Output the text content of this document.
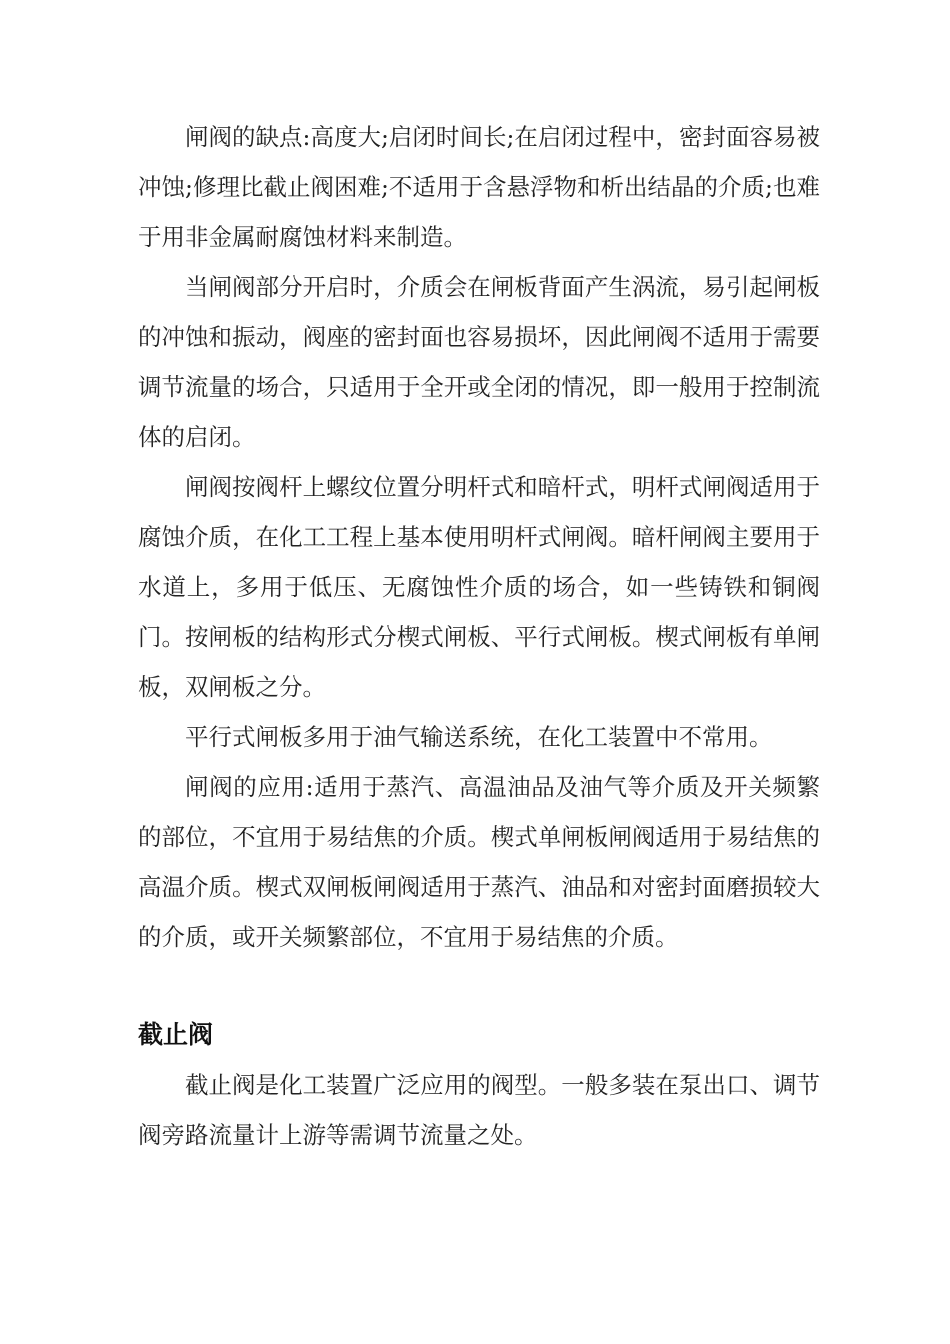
闸阀的缺点:高度大;启闭时间长;在启闭过程中，密封面容易被冲蚀;修理比截止阀困难;不适用于含悬浮物和析出结晶的介质;也难于用非金属耐腐蚀材料来制造。

当闸阀部分开启时，介质会在闸板背面产生涡流，易引起闸板的冲蚀和振动，阀座的密封面也容易损坏，因此闸阀不适用于需要调节流量的场合，只适用于全开或全闭的情况，即一般用于控制流体的启闭。

闸阀按阀杆上螺纹位置分明杆式和暗杆式，明杆式闸阀适用于腐蚀介质，在化工工程上基本使用明杆式闸阀。暗杆闸阀主要用于水道上，多用于低压、无腐蚀性介质的场合，如一些铸铁和铜阀门。按闸板的结构形式分楔式闸板、平行式闸板。楔式闸板有单闸板，双闸板之分。

平行式闸板多用于油气输送系统，在化工装置中不常用。

闸阀的应用:适用于蒸汽、高温油品及油气等介质及开关频繁的部位，不宜用于易结焦的介质。楔式单闸板闸阀适用于易结焦的高温介质。楔式双闸板闸阀适用于蒸汽、油品和对密封面磨损较大的介质，或开关频繁部位，不宜用于易结焦的介质。

截止阀

截止阀是化工装置广泛应用的阀型。一般多装在泵出口、调节阀旁路流量计上游等需调节流量之处。
